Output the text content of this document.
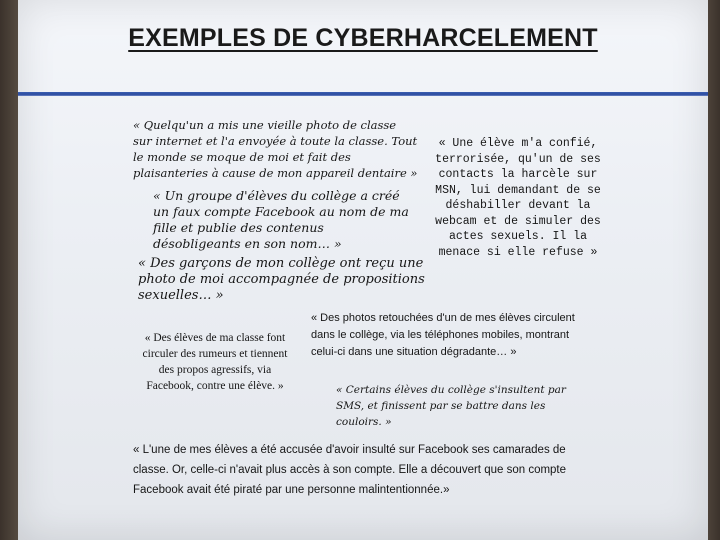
EXEMPLES DE CYBERHARCELEMENT

« Quelqu'un a mis une vieille photo de classe sur internet et l'a envoyée à toute la classe. Tout le monde se moque de moi et fait des plaisanteries à cause de mon appareil dentaire »

« Un groupe d'élèves du collège a créé un faux compte Facebook au nom de ma fille et publie des contenus désobligeants en son nom… »

« Des garçons de mon collège ont reçu une photo de moi accompagnée de propositions sexuelles… »

« Une élève m'a confié, terrorisée, qu'un de ses contacts la harcèle sur MSN, lui demandant de se déshabiller devant la webcam et de simuler des actes sexuels. Il la menace si elle refuse »

« Des photos retouchées d'un de mes élèves circulent dans le collège, via les téléphones mobiles, montrant celui-ci dans une situation dégradante… »

« Des élèves de ma classe font circuler des rumeurs et tiennent des propos agressifs, via Facebook, contre une élève. »	« Certains élèves du collège s'insultent par SMS, et finissent par se battre dans les couloirs. »

« L'une de mes élèves a été accusée d'avoir insulté sur Facebook ses camarades de classe. Or, celle-ci n'avait plus accès à son compte. Elle a découvert que son compte Facebook avait été piraté par une personne malintentionnée.»
